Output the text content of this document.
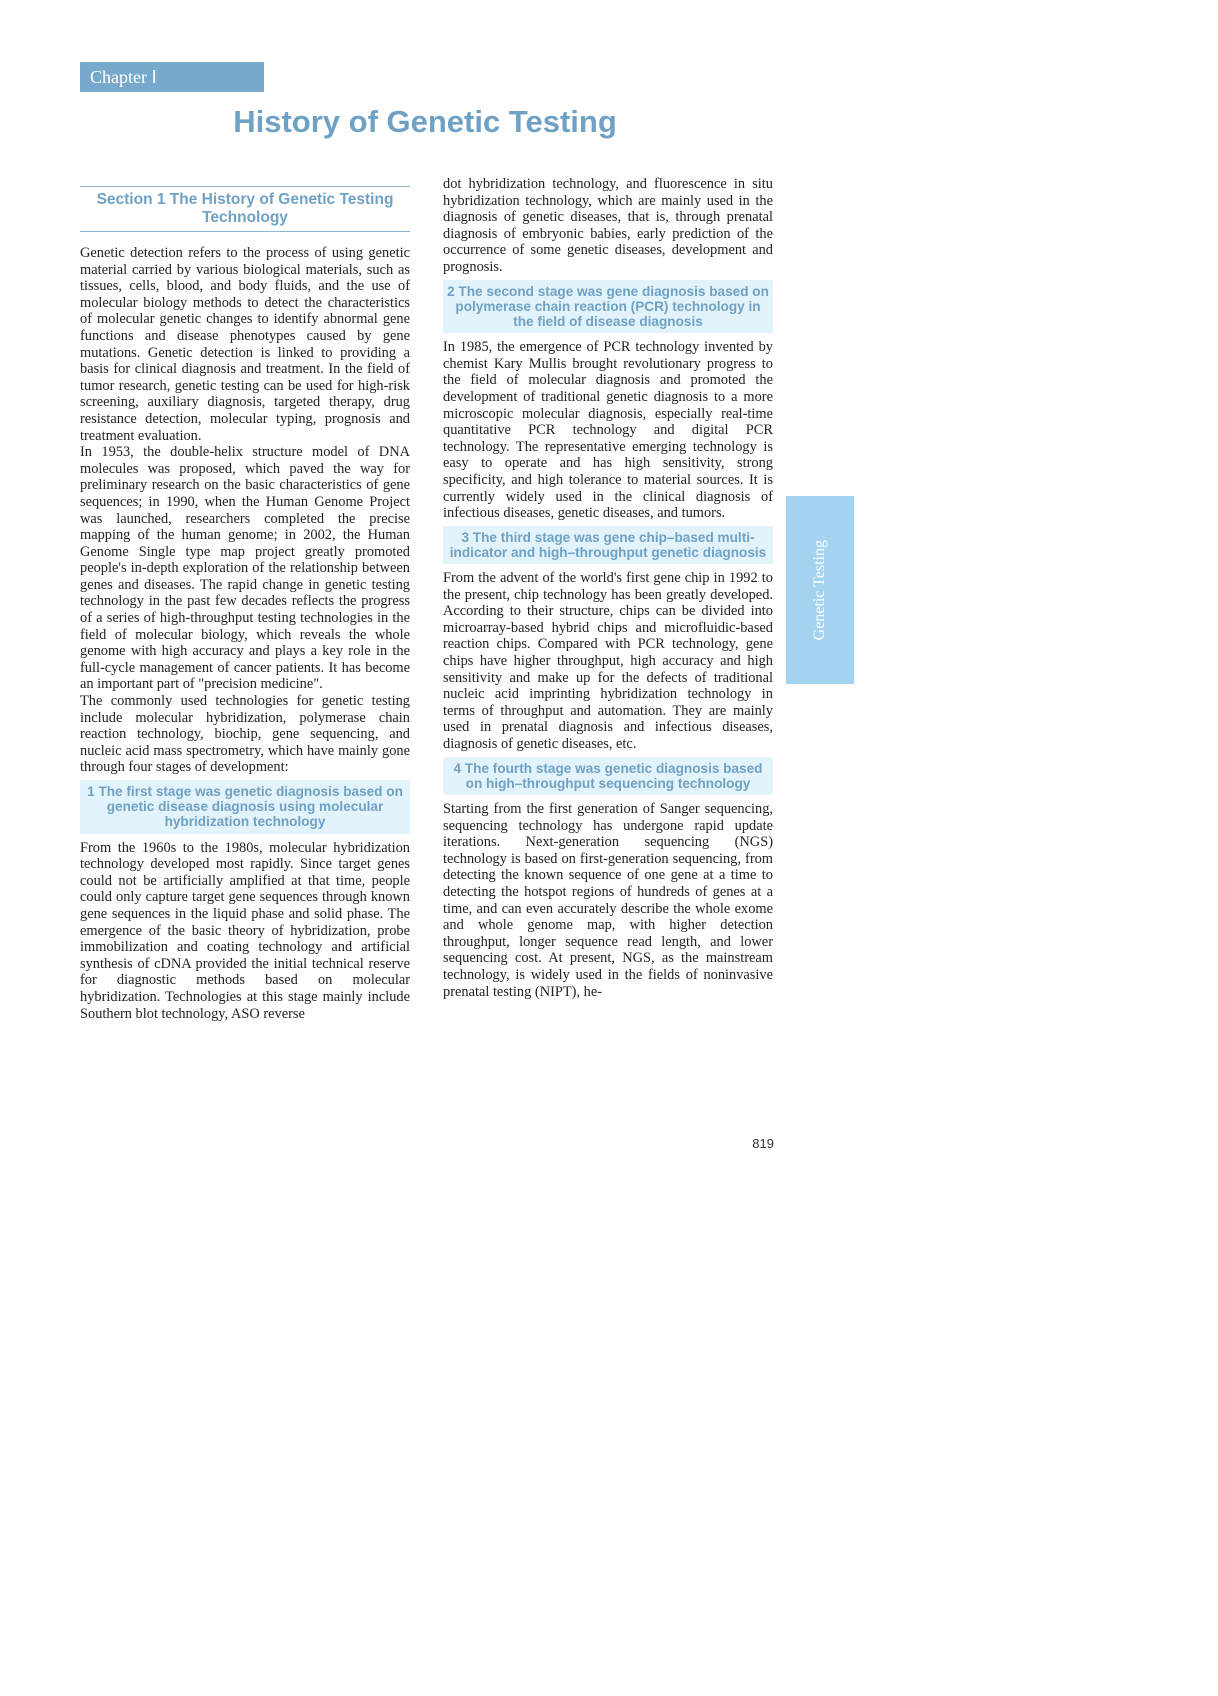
Chapter Ⅰ
History of Genetic Testing
Section 1 The History of Genetic Testing Technology

Genetic detection refers to the process of using genetic material carried by various biological materials, such as tissues, cells, blood, and body fluids, and the use of molecular biology methods to detect the characteristics of molecular genetic changes to identify abnormal gene functions and disease phenotypes caused by gene mutations. Genetic detection is linked to providing a basis for clinical diagnosis and treatment. In the field of tumor research, genetic testing can be used for high-risk screening, auxiliary diagnosis, targeted therapy, drug resistance detection, molecular typing, prognosis and treatment evaluation.

In 1953, the double-helix structure model of DNA molecules was proposed, which paved the way for preliminary research on the basic characteristics of gene sequences; in 1990, when the Human Genome Project was launched, researchers completed the precise mapping of the human genome; in 2002, the Human Genome Single type map project greatly promoted people's in-depth exploration of the relationship between genes and diseases. The rapid change in genetic testing technology in the past few decades reflects the progress of a series of high-throughput testing technologies in the field of molecular biology, which reveals the whole genome with high accuracy and plays a key role in the full-cycle management of cancer patients. It has become an important part of "precision medicine".

The commonly used technologies for genetic testing include molecular hybridization, polymerase chain reaction technology, biochip, gene sequencing, and nucleic acid mass spectrometry, which have mainly gone through four stages of development:

1 The first stage was genetic diagnosis based on genetic disease diagnosis using molecular hybridization technology

From the 1960s to the 1980s, molecular hybridization technology developed most rapidly. Since target genes could not be artificially amplified at that time, people could only capture target gene sequences through known gene sequences in the liquid phase and solid phase. The emergence of the basic theory of hybridization, probe immobilization and coating technology and artificial synthesis of cDNA provided the initial technical reserve for diagnostic methods based on molecular hybridization. Technologies at this stage mainly include Southern blot technology, ASO reverse

dot hybridization technology, and fluorescence in situ hybridization technology, which are mainly used in the diagnosis of genetic diseases, that is, through prenatal diagnosis of embryonic babies, early prediction of the occurrence of some genetic diseases, development and prognosis.

2 The second stage was gene diagnosis based on polymerase chain reaction (PCR) technology in the field of disease diagnosis

In 1985, the emergence of PCR technology invented by chemist Kary Mullis brought revolutionary progress to the field of molecular diagnosis and promoted the development of traditional genetic diagnosis to a more microscopic molecular diagnosis, especially real-time quantitative PCR technology and digital PCR technology. The representative emerging technology is easy to operate and has high sensitivity, strong specificity, and high tolerance to material sources. It is currently widely used in the clinical diagnosis of infectious diseases, genetic diseases, and tumors.

3 The third stage was gene chip–based multi-indicator and high–throughput genetic diagnosis

From the advent of the world's first gene chip in 1992 to the present, chip technology has been greatly developed. According to their structure, chips can be divided into microarray-based hybrid chips and microfluidic-based reaction chips. Compared with PCR technology, gene chips have higher throughput, high accuracy and high sensitivity and make up for the defects of traditional nucleic acid imprinting hybridization technology in terms of throughput and automation. They are mainly used in prenatal diagnosis and infectious diseases, diagnosis of genetic diseases, etc.

4 The fourth stage was genetic diagnosis based on high–throughput sequencing technology

Starting from the first generation of Sanger sequencing, sequencing technology has undergone rapid update iterations. Next-generation sequencing (NGS) technology is based on first-generation sequencing, from detecting the known sequence of one gene at a time to detecting the hotspot regions of hundreds of genes at a time, and can even accurately describe the whole exome and whole genome map, with higher detection throughput, longer sequence read length, and lower sequencing cost. At present, NGS, as the mainstream technology, is widely used in the fields of noninvasive prenatal testing (NIPT), he-

Genetic Testing
819
